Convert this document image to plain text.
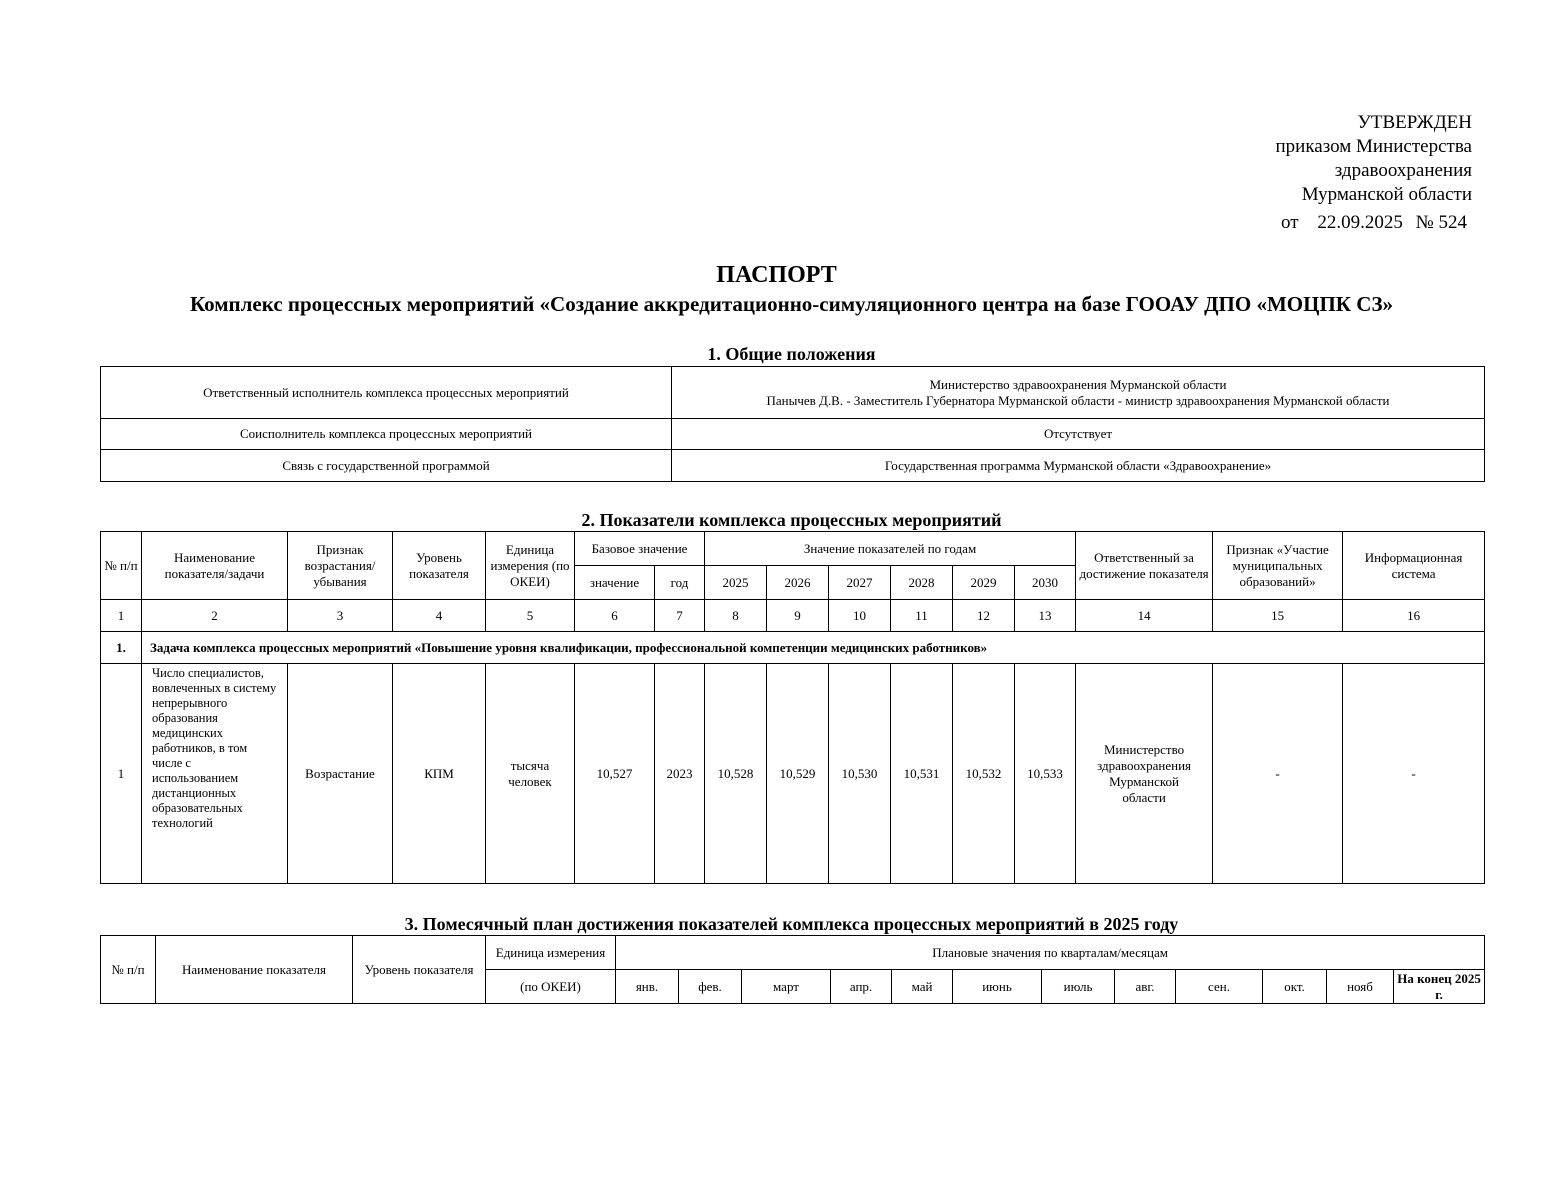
УТВЕРЖДЕН
приказом Министерства
здравоохранения
Мурманской области
от 22.09.2025 № 524
ПАСПОРТ
Комплекс процессных мероприятий «Создание аккредитационно-симуляционного центра на базе ГООАУ ДПО «МОЦПК СЗ»
1. Общие положения
Ответственный исполнитель комплекса процессных мероприятий	Министерство здравоохранения Мурманской области
Панычев Д.В. - Заместитель Губернатора Мурманской области - министр здравоохранения Мурманской области

Соисполнитель комплекса процессных мероприятий	Отсутствует
Связь с государственной программой	Государственная программа Мурманской области «Здравоохранение»
2. Показатели комплекса процессных мероприятий
№ п/п	Наименование показателя/задачи	Признак возрастания/ убывания	Уровень показателя	Единица измерения (по ОКЕИ)	Базовое значение		Значение показателей по годам						Ответственный за достижение показателя	Признак «Участие муниципальных образований»	Информационная система
					значение	год	2025	2026	2027	2028	2029	2030			
1	2	3	4	5	6	7	8	9	10	11	12	13	14	15	16
1.	Задача комплекса процессных мероприятий «Повышение уровня квалификации, профессиональной компетенции медицинских работников»														
1	Число специалистов, вовлеченных в систему непрерывного образования медицинских работников, в том числе с использованием дистанционных образовательных технологий	Возрастание	КПМ	тысяча человек	10,527	2023	10,528	10,529	10,530	10,531	10,532	10,533	Министерство здравоохранения Мурманской области	-	-
3. Помесячный план достижения показателей комплекса процессных мероприятий в 2025 году
№ п/п	Наименование показателя	Уровень показателя	Единица измерения	Плановые значения по кварталам/месяцам											
			(по ОКЕИ)	янв.	фев.	март	апр.	май	июнь	июль	авг.	сен.	окт.	нояб	На конец 2025 г.
